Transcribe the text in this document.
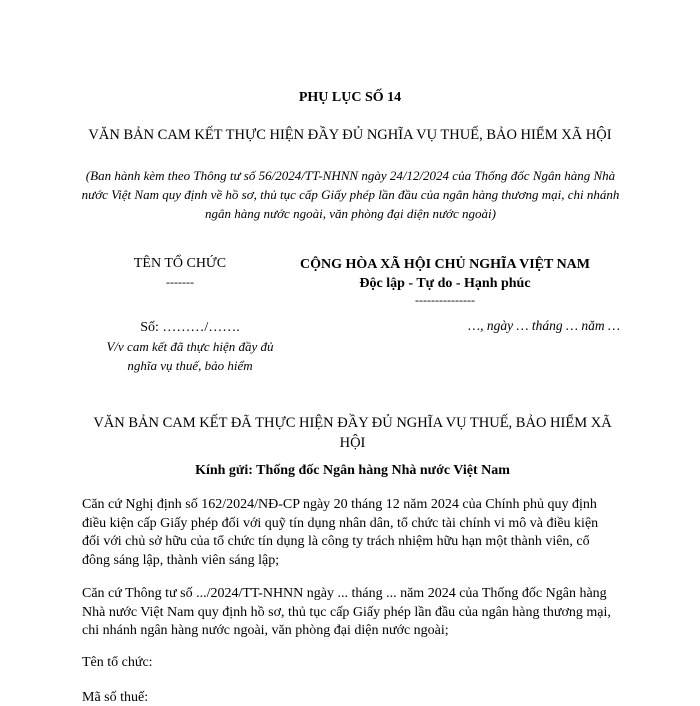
PHỤ LỤC SỐ 14
VĂN BẢN CAM KẾT THỰC HIỆN ĐẦY ĐỦ NGHĨA VỤ THUẾ, BẢO HIỂM XÃ HỘI
(Ban hành kèm theo Thông tư số 56/2024/TT-NHNN ngày 24/12/2024 của Thống đốc Ngân hàng Nhà nước Việt Nam quy định về hồ sơ, thủ tục cấp Giấy phép lần đầu của ngân hàng thương mại, chi nhánh ngân hàng nước ngoài, văn phòng đại diện nước ngoài)
TÊN TỔ CHỨC
-------
CỘNG HÒA XÃ HỘI CHỦ NGHĨA VIỆT NAM
Độc lập - Tự do - Hạnh phúc
---------------
Số: ………/…….
V/v cam kết đã thực hiện đầy đủ
nghĩa vụ thuế, bảo hiểm
…, ngày … tháng … năm …
VĂN BẢN CAM KẾT ĐÃ THỰC HIỆN ĐẦY ĐỦ NGHĨA VỤ THUẾ, BẢO HIỂM XÃ HỘI
Kính gửi: Thống đốc Ngân hàng Nhà nước Việt Nam
Căn cứ Nghị định số 162/2024/NĐ-CP ngày 20 tháng 12 năm 2024 của Chính phủ quy định điều kiện cấp Giấy phép đối với quỹ tín dụng nhân dân, tổ chức tài chính vi mô và điều kiện đối với chủ sở hữu của tổ chức tín dụng là công ty trách nhiệm hữu hạn một thành viên, cổ đông sáng lập, thành viên sáng lập;
Căn cứ Thông tư số .../2024/TT-NHNN ngày ... tháng ... năm 2024 của Thống đốc Ngân hàng Nhà nước Việt Nam quy định hồ sơ, thủ tục cấp Giấy phép lần đầu của ngân hàng thương mại, chi nhánh ngân hàng nước ngoài, văn phòng đại diện nước ngoài;
Tên tổ chức:
Mã số thuế:
